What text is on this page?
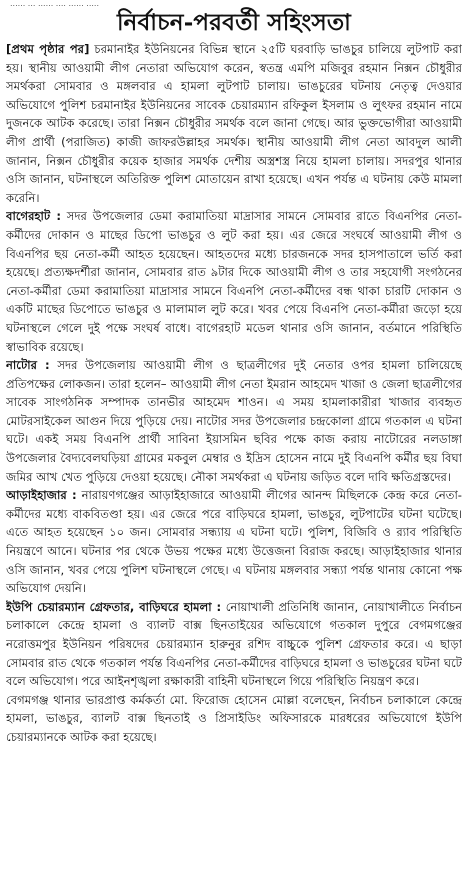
...... ... ...... .... ...... .....
নির্বাচন-পরবর্তী সহিংসতা

[প্রথম পৃষ্ঠার পর] চরমানাইর ইউনিয়নের বিভিন্ন স্থানে ২৫টি ঘরবাড়ি ভাঙচুর চালিয়ে লুটপাট করা হয়। স্থানীয় আওয়ামী লীগ নেতারা অভিযোগ করেন, স্বতন্ত্র এমপি মজিবুর রহমান নিক্সন চৌধুরীর সমর্থকরা সোমবার ও মঙ্গলবার এ হামলা লুটপাট চালায়। ভাঙচুরের ঘটনায় নেতৃত্ব দেওয়ার অভিযোগে পুলিশ চরমানাইর ইউনিয়নের সাবেক চেয়ারম্যান রফিকুল ইসলাম ও লুৎফর রহমান নামে দুজনকে আটক করেছে। তারা নিক্সন চৌধুরীর সমর্থক বলে জানা গেছে। আর ভুক্তভোগীরা আওয়ামী লীগ প্রার্থী (পরাজিত) কাজী জাফরউল্লাহর সমর্থক। স্থানীয় আওয়ামী লীগ নেতা আবদুল আলী জানান, নিক্সন চৌধুরীর কয়েক হাজার সমর্থক দেশীয় অস্ত্রশস্ত্র নিয়ে হামলা চালায়। সদরপুর থানার ওসি জানান, ঘটনাস্থলে অতিরিক্ত পুলিশ মোতায়েন রাখা হয়েছে। এখন পর্যন্ত এ ঘটনায় কেউ মামলা করেনি।

বাগেরহাট : সদর উপজেলার ডেমা করামাতিয়া মাদ্রাসার সামনে সোমবার রাতে বিএনপির নেতা-কর্মীদের দোকান ও মাছের ডিপো ভাঙচুর ও লুট করা হয়। এর জেরে সংঘর্ষে আওয়ামী লীগ ও বিএনপির ছয় নেতা-কর্মী আহত হয়েছেন। আহতদের মধ্যে চারজনকে সদর হাসপাতালে ভর্তি করা হয়েছে। প্রত্যক্ষদর্শীরা জানান, সোমবার রাত ৯টার দিকে আওয়ামী লীগ ও তার সহযোগী সংগঠনের নেতা-কর্মীরা ডেমা করামাতিয়া মাদ্রাসার সামনে বিএনপি নেতা-কর্মীদের বন্ধ থাকা চারটি দোকান ও একটি মাছের ডিপোতে ভাঙচুর ও মালামাল লুট করে। খবর পেয়ে বিএনপি নেতা-কর্মীরা জড়ো হয়ে ঘটনাস্থলে গেলে দুই পক্ষে সংঘর্ষ বাধে। বাগেরহাট মডেল থানার ওসি জানান, বর্তমানে পরিস্থিতি স্বাভাবিক রয়েছে।

নাটোর : সদর উপজেলায় আওয়ামী লীগ ও ছাত্রলীগের দুই নেতার ওপর হামলা চালিয়েছে প্রতিপক্ষের লোকজন। তারা হলেন– আওয়ামী লীগ নেতা ইমরান আহমেদ খাজা ও জেলা ছাত্রলীগের সাবেক সাংগঠনিক সম্পাদক তানভীর আহমেদ শাওন। এ সময় হামলাকারীরা খাজার ব্যবহৃত মোটরসাইকেল আগুন দিয়ে পুড়িয়ে দেয়। নাটোর সদর উপজেলার চন্দ্রকোলা গ্রামে গতকাল এ ঘটনা ঘটে। একই সময় বিএনপি প্রার্থী সাবিনা ইয়াসমিন ছবির পক্ষে কাজ করায় নাটোরের নলডাঙ্গা উপজেলার বৈদ্যবেলঘড়িয়া গ্রামের মকবুল মেম্বার ও ইদ্রিস হোসেন নামে দুই বিএনপি কর্মীর ছয় বিঘা জমির আখ খেত পুড়িয়ে দেওয়া হয়েছে। নৌকা সমর্থকরা এ ঘটনায় জড়িত বলে দাবি ক্ষতিগ্রস্তদের।

আড়াইহাজার : নারায়ণগঞ্জের আড়াইহাজারে আওয়ামী লীগের আনন্দ মিছিলকে কেন্দ্র করে নেতা-কর্মীদের মধ্যে বাকবিতণ্ডা হয়। এর জেরে পরে বাড়িঘরে হামলা, ভাঙচুর, লুটপাটের ঘটনা ঘটেছে। এতে আহত হয়েছেন ১০ জন। সোমবার সন্ধ্যায় এ ঘটনা ঘটে। পুলিশ, বিজিবি ও র‍্যাব পরিস্থিতি নিয়ন্ত্রণে আনে। ঘটনার পর থেকে উভয় পক্ষের মধ্যে উত্তেজনা বিরাজ করছে। আড়াইহাজার থানার ওসি জানান, খবর পেয়ে পুলিশ ঘটনাস্থলে গেছে। এ ঘটনায় মঙ্গলবার সন্ধ্যা পর্যন্ত থানায় কোনো পক্ষ অভিযোগ দেয়নি।

ইউপি চেয়ারম্যান গ্রেফতার, বাড়িঘরে হামলা : নোয়াখালী প্রতিনিধি জানান, নোয়াখালীতে নির্বাচন চলাকালে কেন্দ্রে হামলা ও ব্যালট বাক্স ছিনতাইয়ের অভিযোগে গতকাল দুপুরে বেগমগঞ্জের নরোত্তমপুর ইউনিয়ন পরিষদের চেয়ারম্যান হারুনুর রশিদ বাচ্চুকে পুলিশ গ্রেফতার করে। এ ছাড়া সোমবার রাত থেকে গতকাল পর্যন্ত বিএনপির নেতা-কর্মীদের বাড়িঘরে হামলা ও ভাঙচুরের ঘটনা ঘটে বলে অভিযোগ। পরে আইনশৃঙ্খলা রক্ষাকারী বাহিনী ঘটনাস্থলে গিয়ে পরিস্থিতি নিয়ন্ত্রণ করে।

বেগমগঞ্জ থানার ভারপ্রাপ্ত কর্মকর্তা মো. ফিরোজ হোসেন মোল্লা বলেছেন, নির্বাচন চলাকালে কেন্দ্রে হামলা, ভাঙচুর, ব্যালট বাক্স ছিনতাই ও প্রিসাইডিং অফিসারকে মারধরের অভিযোগে ইউপি চেয়ারম্যানকে আটক করা হয়েছে।
